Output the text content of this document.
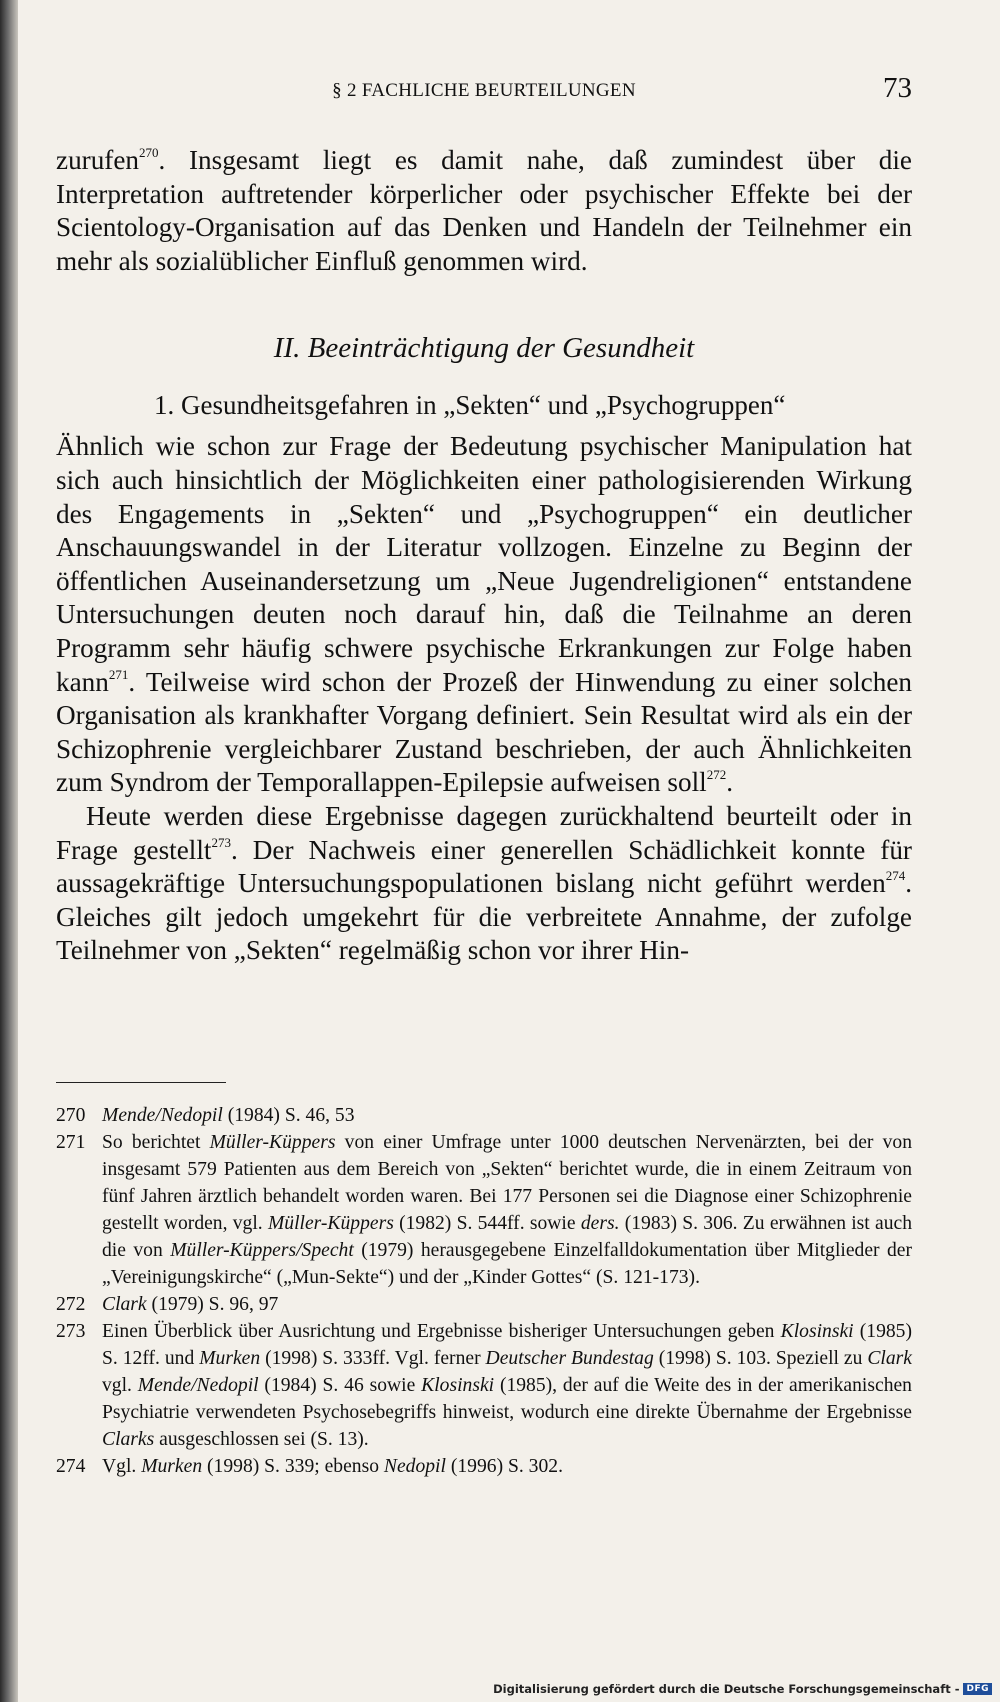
§ 2 FACHLICHE BEURTEILUNGEN	73

zurufen$^{270}$. Insgesamt liegt es damit nahe, daß zumindest über die Interpretation auftretender körperlicher oder psychischer Effekte bei der Scientology-Organisation auf das Denken und Handeln der Teilnehmer ein mehr als sozialüblicher Einfluß genommen wird.

II. Beeinträchtigung der Gesundheit
1. Gesundheitsgefahren in „Sekten“ und „Psychogruppen“

Ähnlich wie schon zur Frage der Bedeutung psychischer Manipulation hat sich auch hinsichtlich der Möglichkeiten einer pathologisierenden Wirkung des Engagements in „Sekten“ und „Psychogruppen“ ein deutlicher Anschauungswandel in der Literatur vollzogen. Einzelne zu Beginn der öffentlichen Auseinandersetzung um „Neue Jugendreligionen“ entstandene Untersuchungen deuten noch darauf hin, daß die Teilnahme an deren Programm sehr häufig schwere psychische Erkrankungen zur Folge haben kann$^{271}$. Teilweise wird schon der Prozeß der Hinwendung zu einer solchen Organisation als krankhafter Vorgang definiert. Sein Resultat wird als ein der Schizophrenie vergleichbarer Zustand beschrieben, der auch Ähnlichkeiten zum Syndrom der Temporallappen-Epilepsie aufweisen soll$^{272}$.

Heute werden diese Ergebnisse dagegen zurückhaltend beurteilt oder in Frage gestellt$^{273}$. Der Nachweis einer generellen Schädlichkeit konnte für aussagekräftige Untersuchungspopulationen bislang nicht geführt werden$^{274}$. Gleiches gilt jedoch umgekehrt für die verbreitete Annahme, der zufolge Teilnehmer von „Sekten“ regelmäßig schon vor ihrer Hin-

270 Mende/Nedopil (1984) S. 46, 53
271 So berichtet Müller-Küppers von einer Umfrage unter 1000 deutschen Nervenärzten, bei der von insgesamt 579 Patienten aus dem Bereich von „Sekten“ berichtet wurde, die in einem Zeitraum von fünf Jahren ärztlich behandelt worden waren. Bei 177 Personen sei die Diagnose einer Schizophrenie gestellt worden, vgl. Müller-Küppers (1982) S. 544ff. sowie ders. (1983) S. 306. Zu erwähnen ist auch die von Müller-Küppers/Specht (1979) herausgegebene Einzelfalldokumentation über Mitglieder der „Vereinigungskirche“ („Mun-Sekte“) und der „Kinder Gottes“ (S. 121-173).
272 Clark (1979) S. 96, 97
273 Einen Überblick über Ausrichtung und Ergebnisse bisheriger Untersuchungen geben Klosinski (1985) S. 12ff. und Murken (1998) S. 333ff. Vgl. ferner Deutscher Bundestag (1998) S. 103. Speziell zu Clark vgl. Mende/Nedopil (1984) S. 46 sowie Klosinski (1985), der auf die Weite des in der amerikanischen Psychiatrie verwendeten Psychosebegriffs hinweist, wodurch eine direkte Übernahme der Ergebnisse Clarks ausgeschlossen sei (S. 13).
274 Vgl. Murken (1998) S. 339; ebenso Nedopil (1996) S. 302.
Digitalisierung gefördert durch die Deutsche Forschungsgemeinschaft - DFG
